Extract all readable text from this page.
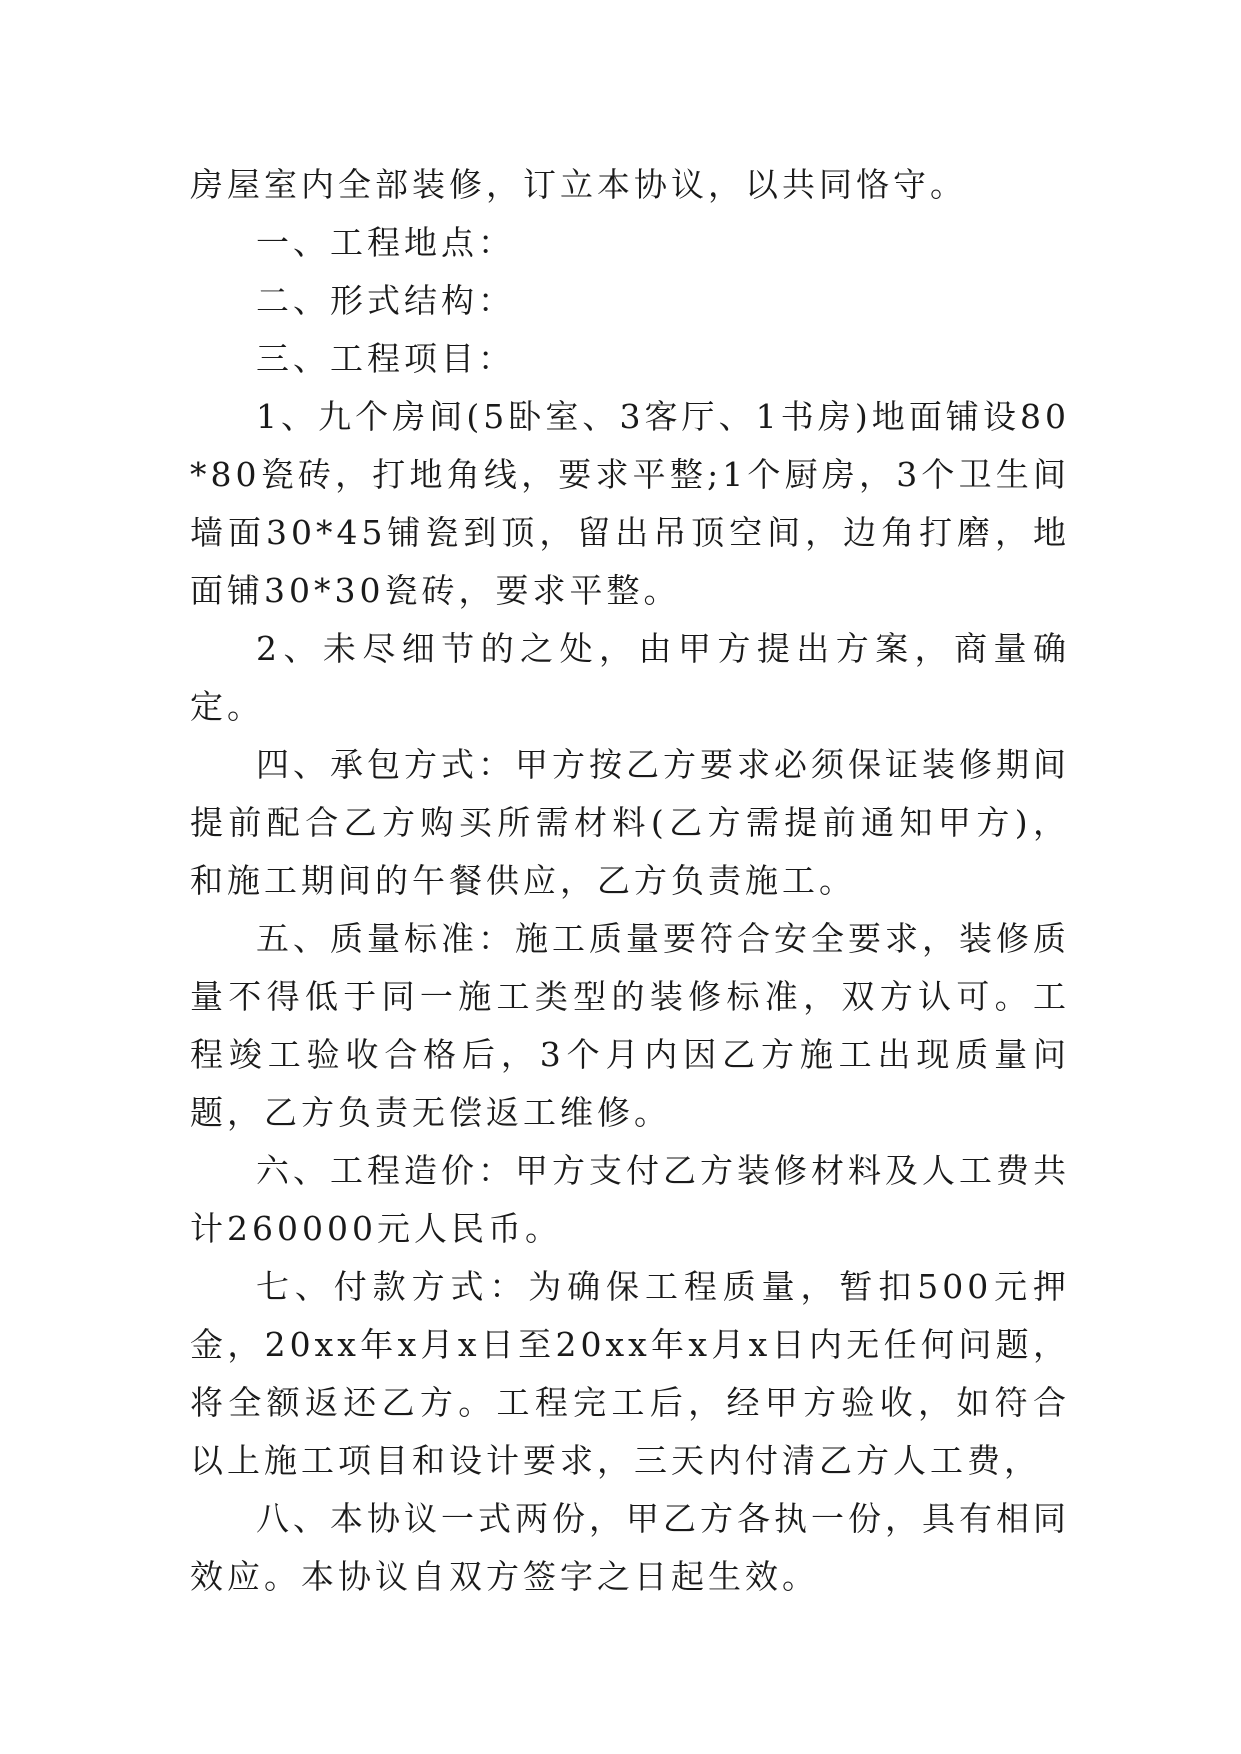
房屋室内全部装修，订立本协议，以共同恪守。

一、工程地点：

二、形式结构：

三、工程项目：

1、九个房间(5卧室、3客厅、1书房)地面铺设80*80瓷砖，打地角线，要求平整;1个厨房，3个卫生间墙面30*45铺瓷到顶，留出吊顶空间，边角打磨，地面铺30*30瓷砖，要求平整。

2、未尽细节的之处，由甲方提出方案，商量确定。

四、承包方式：甲方按乙方要求必须保证装修期间提前配合乙方购买所需材料(乙方需提前通知甲方)，和施工期间的午餐供应，乙方负责施工。

五、质量标准：施工质量要符合安全要求，装修质量不得低于同一施工类型的装修标准，双方认可。工程竣工验收合格后，3个月内因乙方施工出现质量问题，乙方负责无偿返工维修。

六、工程造价：甲方支付乙方装修材料及人工费共计260000元人民币。

七、付款方式：为确保工程质量，暂扣500元押金，20xx年x月x日至20xx年x月x日内无任何问题，将全额返还乙方。工程完工后，经甲方验收，如符合以上施工项目和设计要求，三天内付清乙方人工费，

八、本协议一式两份，甲乙方各执一份，具有相同效应。本协议自双方签字之日起生效。
